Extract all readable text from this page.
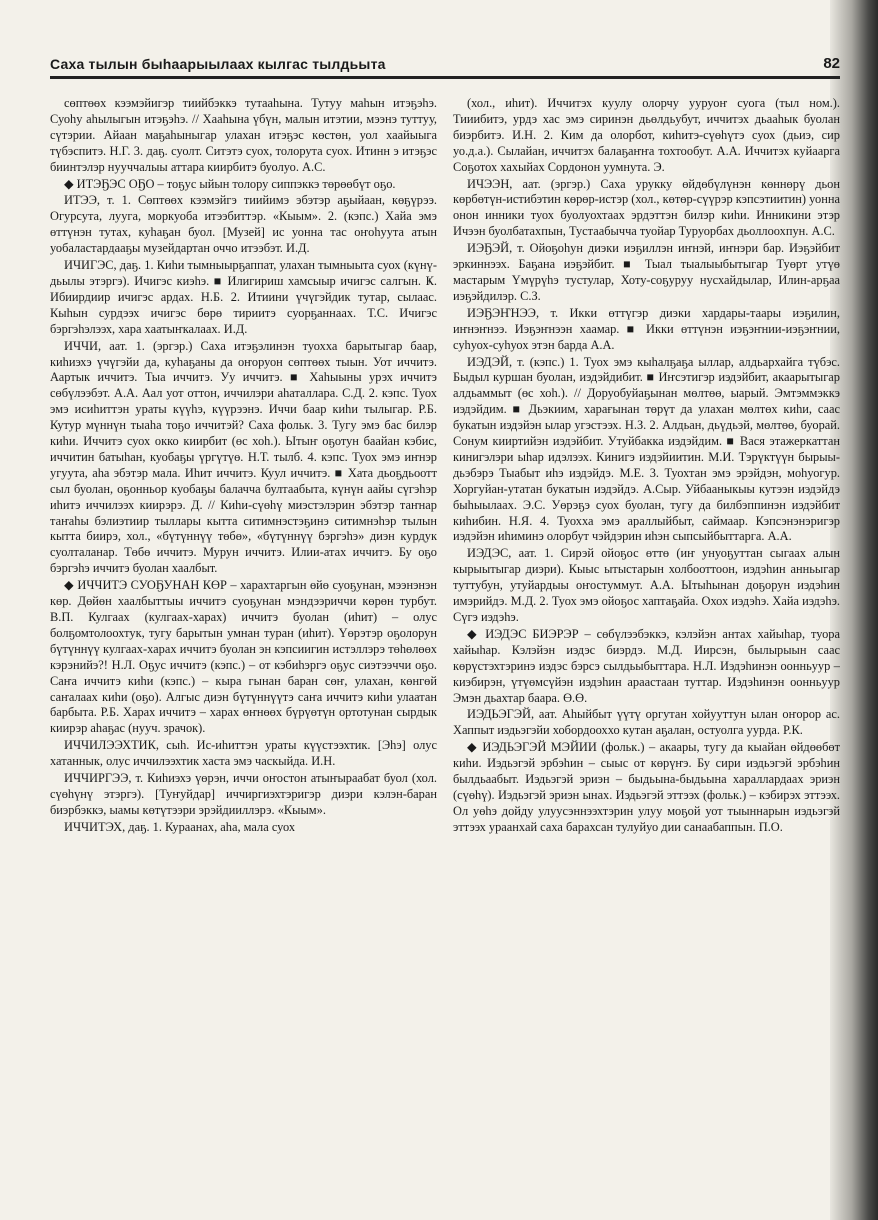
Саха тылын быһаарыылаах кылгас тылдьыта	82

сөптөөх кээмэйигэр тиийбэккэ тутааһына. Тутуу маһын итэҕэһэ. Суоһу аһылыгын итэҕэһэ. // Хааһына үбүн, малын итэтии, мээнэ туттуу, сүтэрии. Айаан маҕаһыныгар улахан итэҕэс көстөн, уол хаайыыга түбэспитэ. Н.Г. 3. даҕ. суолт. Ситэтэ суох, толорута суох. Итинн э итэҕэс биинтэлэр нууччалыы аттара киирбитэ буолуо. А.С.

◆ ИТЭҔЭС ОҔО – тоҕус ыйын толору сиппэккэ төрөөбүт оҕо.

ИТЭЭ, т. 1. Сөптөөх кээмэйгэ тиийимэ эбэтэр аҕыйаан, көҕүрээ. Огурсута, лууга, моркуоба итээбиттэр. «Кыым». 2. (кэпс.) Хайа эмэ өттүнэн тутах, куһаҕан буол. [Музей] ис уонна тас оҥоһуута атын уобаластардааҕы музейдартан оччо итээбэт. И.Д.

ИЧИГЭС, даҕ. 1. Киһи тымныырҕаппат, улахан тымныыта суох (күнү-дьылы этэргэ). Ичигэс киэһэ. ■ Илигириш хамсыыр ичигэс салгын. Ҝ. Ибиирдиир ичигэс ардах. Н.Б. 2. Итиини үчүгэйдик тутар, сылаас. Кыһын сурдээх ичигэс бөрө тириитэ суорҕаннаах. Т.С. Ичигэс бэргэһэлээх, хара хаатыҥкалаах. И.Д.

ИЧЧИ, аат. 1. (эргэр.) Саха итэҕэлинэн туохха барытыгар баар, киһиэхэ үчүгэйи да, куһаҕаны да оҥоруон сөптөөх тыын. Уот иччитэ. Аартык иччитэ. Тыа иччитэ. Уу иччитэ. ■ Хаһыыны урэх иччитэ сөбүлээбэт. А.А. Аал уот оттон, иччилэри аһаталлара. С.Д. 2. кэпс. Туох эмэ исиһиттэн ураты күүһэ, күүрээнэ. Иччи баар киһи тылыгар. Р.Б. Кутур мүннүн тыаһа тоҕо иччитэй? Саха фольк. 3. Тугу эмэ бас билэр киһи. Иччитэ суох окко киирбит (өс хоһ.). Ытыҥ оҕотун баайан кэбис, иччитин батыһан, куобаҕы үргүтүө. Н.Т. тылб. 4. кэпс. Туох эмэ иҥнэр угуута, аһа эбэтэр мала. Иһит иччитэ. Куул иччитэ. ■ Хата дьоҕдьоотт сыл буолан, оҕонньор куобаҕы балачча бултаабыта, күнүн аайы сүгэһэр иһитэ иччилээх киирэрэ. Д. // Киһи-сүөһү миэстэлэрин эбэтэр таҥнар таҥаһы бэлиэтиир тыллары кытта ситимнэстэҕинэ ситимнэһэр тылын кытта биирэ, хол., «бүтүннүү төбө», «бүтүннүү бэргэһэ» диэн курдук суолталанар. Төбө иччитэ. Мурун иччитэ. Илии-атах иччитэ. Бу оҕо бэргэһэ иччитэ буолан хаалбыт.

◆ ИЧЧИТЭ СУОҔУНАН КӨР – харахтаргын өйө суоҕунан, мээнэнэн көр. Дөйөн хаалбыттыы иччитэ суоҕунан мэндээриччи көрөн турбут. В.П. Кулгаах (кулгаах-харах) иччитэ буолан (иһит) – олус болҕомтолоохтук, тугу барытын умнан туран (иһит). Үөрэтэр оҕолорун бүтүннүү кулгаах-харах иччитэ буолан эн кэпсиигин истэллэрэ төһөлөөх кэрэнийэ?! Н.Л. Оҕус иччитэ (кэпс.) – от кэбиһэргэ оҕус сиэтээччи оҕо. Саҥа иччитэ киһи (кэпс.) – кыра гынан баран сөҥ, улахан, көнгөй саҥалаах киһи (оҕо). Алгыс диэн бүтүннүүтэ саҥа иччитэ киһи улаатан барбыта. Р.Б. Харах иччитэ – харах өҥнөөх бүрүөтүн ортотунан сырдык киирэр аһаҕас (нууч. зрачок).

ИЧЧИЛЭЭХТИК, сыһ. Ис-иһиттэн ураты күүстээхтик. [Эһэ] олус хатаннык, олус иччилээхтик хаста эмэ часкыйда. И.Н.

ИЧЧИРГЭЭ, т. Киһиэхэ үөрэн, иччи оҥостон атыҥыраабат буол (хол. сүөһүнү этэргэ). [Туҥуйдар] иччиргиэхтэригэр диэри кэлэн-баран биэрбэккэ, ыамы көтүтээри эрэйдииллэрэ. «Кыым».

ИЧЧИТЭХ, даҕ. 1. Кураанах, аһа, мала суох

(хол., иһит). Иччитэх куулу олорчу ууруоҥ суога (тыл ном.). Тииибитэ, урдэ хас эмэ сиринэн дьөлдьубут, иччитэх дьааһык буолан биэрбитэ. И.Н. 2. Ким да олорбот, киһитэ-сүөһүтэ суох (дьиэ, сир уо.д.а.). Сылайан, иччитэх балаҕаҥҥа тохтообут. А.А. Иччитэх куйаарга Соҕотох хахыйах Сордонон уумнута. Э.

ИЧЭЭН, аат. (эргэр.) Саха урукку өйдөбүлүнэн көннөрү дьон көрбөтүн-истибэтин көрөр-истэр (хол., көтөр-сүүрэр кэпсэтиитин) уонна онон инники туох буолуохтаах эрдэттэн билэр киһи. Инникини этэр Ичээн буолбатахпын, Тустаабычча туойар Туруорбах дьоллоохпун. А.С.

ИЭҔЭЙ, т. Ойоҕоһун диэки иэҕиллэн иҥнэй, иҥнэри бар. Иэҕэйбит эркиннээх. Баҕана иэҕэйбит. ■ Тыал тыалыыбытыгар Туөрт утүө мастарым Үмүрүһэ тустулар, Хоту-соҕуруу нусхайдылар, Илин-арҕаа иэҕэйдилэр. С.З.

ИЭҔЭҤНЭЭ, т. Икки өттүгэр диэки хардары-таары иэҕилин, иҥнэҥнээ. Иэҕэҥнээн хаамар. ■ Икки өттүнэн иэҕэҥнии-иэҕэҥнии, суһуох-суһуох этэн барда А.А.

ИЭДЭЙ, т. (кэпс.) 1. Туох эмэ кыһалҕаҕа ыллар, алдьархайга түбэс. Быдыл куршан буолан, иэдэйдибит. ■ Иҥсэтигэр иэдэйбит, акаарытыгар алдьаммыт (өс хоһ.). // Доруобуйаҕынан мөлтөө, ыарый. Эмтэммэккэ иэдэйдим. ■ Дьэкиим, харағынан төрүт да улахан мөлтөх киһи, саас букатын иэдэйэн ылар угэстээх. Н.З. 2. Алдьан, дьүдьэй, мөлтөө, буорай. Сонум кииртийэн иэдэйбит. Утуйбакка иэдэйдим. ■ Вася этажеркаттан кинигэлэри ыһар идэлээх. Кинигэ иэдэйиитин. М.И. Тэрүктүүн бырыы-дьэбэрэ Тыабыт иһэ иэдэйдэ. М.Е. 3. Туохтан эмэ эрэйдэн, моһуогур. Хоргуйан-утатан букатын иэдэйдэ. А.Сыр. Уйбааныкыы кутээн иэдэйдэ быһыылаах. Э.С. Уөрэҕэ суох буолан, тугу да билбэппинэн иэдэйбит киһибин. Н.Я. 4. Туохха эмэ араллыйбыт, саймаар. Кэпсэнэнэригэр иэдэйэн иһиминэ олорбут чэйдэрин иһэн сыпсыйбыттарга. А.А.

ИЭДЭС, аат. 1. Сирэй ойоҕос өттө (иҥ унуоҕуттан сыгаах алын кырыытыгар диэри). Кыыс ытыстарын холбооттоон, иэдэһин анньыгар туттубун, утуйардыы оҥостуммут. А.А. Ытыһынан доҕорун иэдэһин имэрийдэ. М.Д. 2. Туох эмэ ойоҕос хаптаҕайа. Охох иэдэһэ. Хайа иэдэһэ. Сүгэ иэдэһэ.

◆ ИЭДЭС БИЭРЭР – сөбүлээбэккэ, кэлэйэн антах хайыһар, туора хайыһар. Кэлэйэн иэдэс биэрдэ. М.Д. Иирсэн, былырыын саас көрүстэхтэринэ иэдэс бэрсэ сылдьыбыттара. Н.Л. Иэдэһинэн оонньуур – киэбирэн, үтүөмсүйэн иэдэһин араастаан туттар. Иэдэһинэн оонньуур Эмэн дьахтар баара. Ө.Ө.

ИЭДЬЭГЭЙ, аат. Аһыйбыт үүтү оргутан хойууттун ылан оҥорор ас. Хаппыт иэдьэгэйи хобордооххо кутан аҕалан, остуолга уурда. Р.К.

◆ ИЭДЬЭГЭЙ МЭЙИИ (фольк.) – акаары, тугу да кыайан өйдөөбөт киһи. Иэдьэгэй эрбэһин – сыыс от көрүҥэ. Бу сири иэдьэгэй эрбэһин былдьаабыт. Иэдьэгэй эриэн – быдьына-быдьына хараллардаах эриэн (сүөһү). Иэдьэгэй эриэн ынах. Иэдьэгэй эттээх (фольк.) – кэбирэх эттээх. Ол уөһэ дойду улуусэннээхтэрин улуу моҕой уот тыыннарын иэдьэгэй эттээх ураанхай саха барахсан тулуйуо дии санаабаппын. П.О.
